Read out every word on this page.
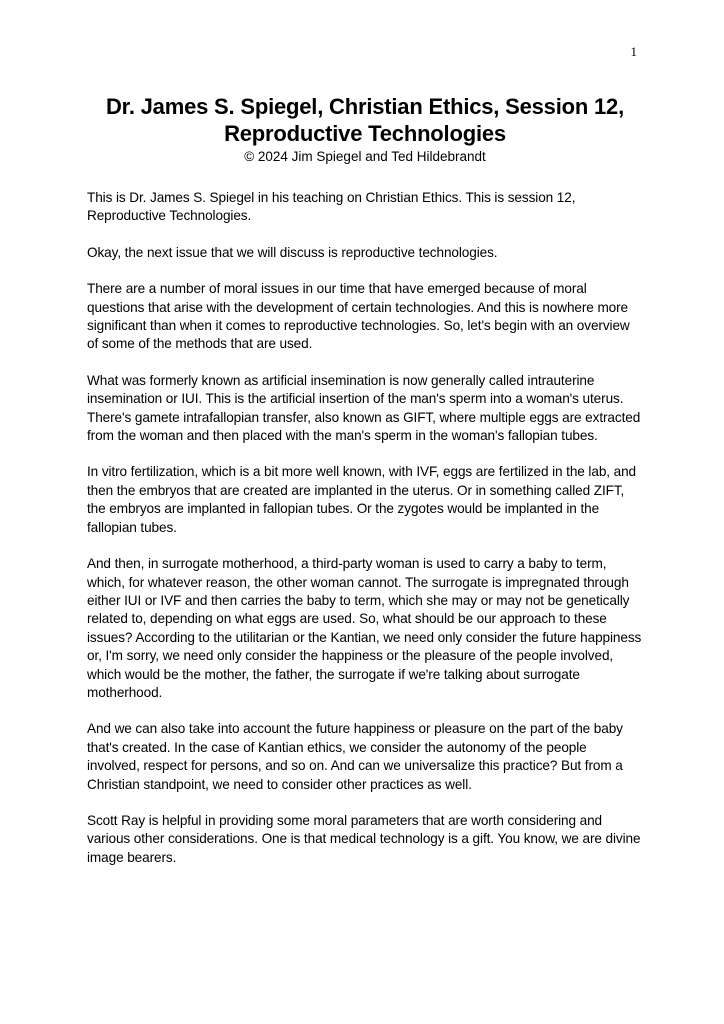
1
Dr. James S. Spiegel, Christian Ethics, Session 12,
Reproductive Technologies
© 2024 Jim Spiegel and Ted Hildebrandt

This is Dr. James S. Spiegel in his teaching on Christian Ethics. This is session 12, Reproductive Technologies.

Okay, the next issue that we will discuss is reproductive technologies.

There are a number of moral issues in our time that have emerged because of moral questions that arise with the development of certain technologies. And this is nowhere more significant than when it comes to reproductive technologies. So, let's begin with an overview of some of the methods that are used.

What was formerly known as artificial insemination is now generally called intrauterine insemination or IUI. This is the artificial insertion of the man's sperm into a woman's uterus. There's gamete intrafallopian transfer, also known as GIFT, where multiple eggs are extracted from the woman and then placed with the man's sperm in the woman's fallopian tubes.

In vitro fertilization, which is a bit more well known, with IVF, eggs are fertilized in the lab, and then the embryos that are created are implanted in the uterus. Or in something called ZIFT, the embryos are implanted in fallopian tubes. Or the zygotes would be implanted in the fallopian tubes.

And then, in surrogate motherhood, a third-party woman is used to carry a baby to term, which, for whatever reason, the other woman cannot. The surrogate is impregnated through either IUI or IVF and then carries the baby to term, which she may or may not be genetically related to, depending on what eggs are used. So, what should be our approach to these issues? According to the utilitarian or the Kantian, we need only consider the future happiness or, I'm sorry, we need only consider the happiness or the pleasure of the people involved, which would be the mother, the father, the surrogate if we're talking about surrogate motherhood.

And we can also take into account the future happiness or pleasure on the part of the baby that's created. In the case of Kantian ethics, we consider the autonomy of the people involved, respect for persons, and so on. And can we universalize this practice? But from a Christian standpoint, we need to consider other practices as well.

Scott Ray is helpful in providing some moral parameters that are worth considering and various other considerations. One is that medical technology is a gift. You know, we are divine image bearers.
